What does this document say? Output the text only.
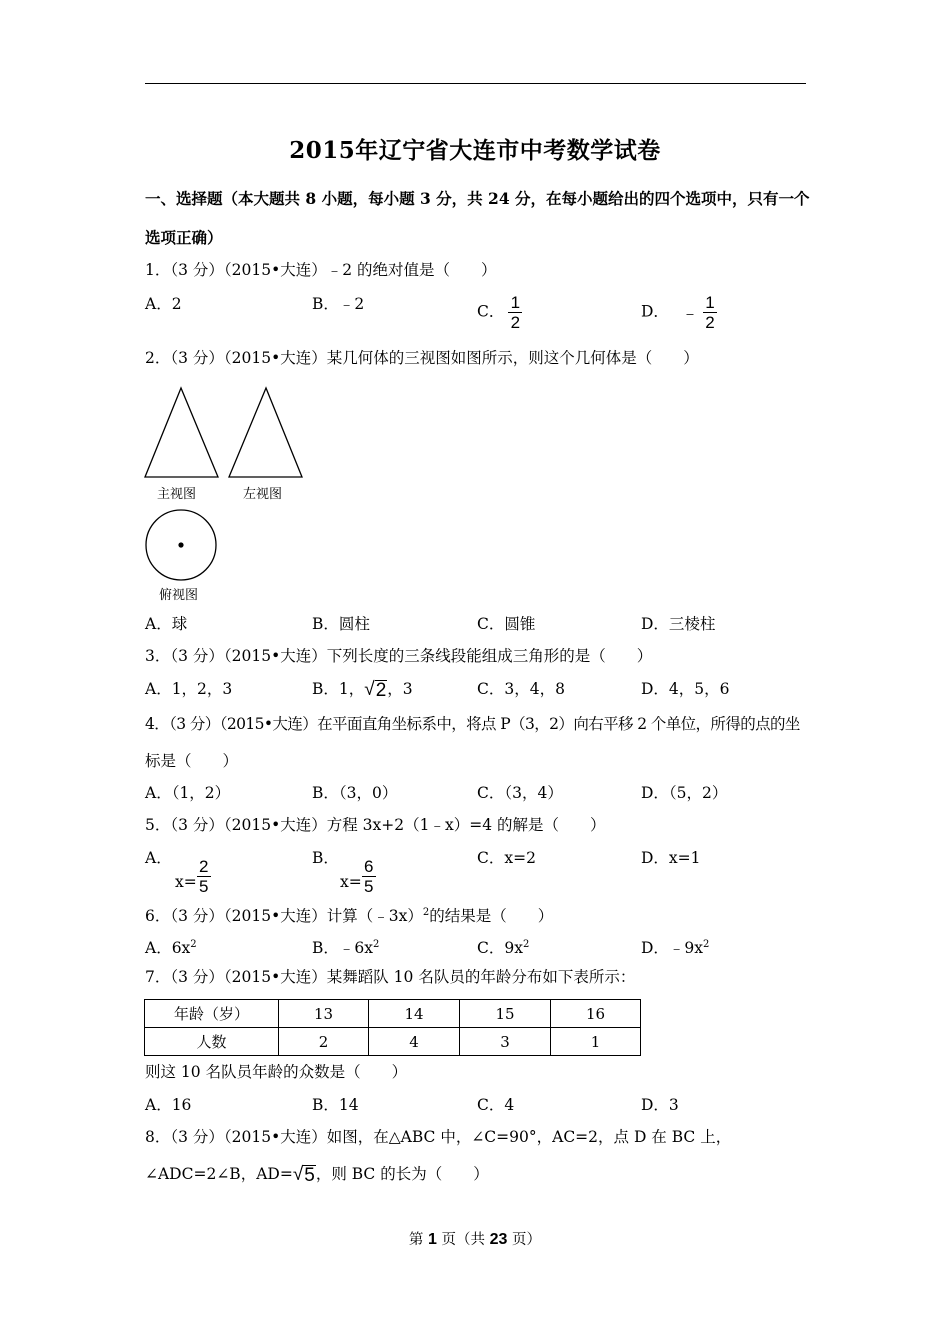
2015年辽宁省大连市中考数学试卷
一、选择题（本大题共 8 小题，每小题 3 分，共 24 分，在每小题给出的四个选项中，只有一个
选项正确）
1．（3 分）（2015•大连）﹣2 的绝对值是（　　）
A．2	B．﹣2	C． $\frac{1}{2}$	D． ﹣ $\frac{1}{2}$
2．（3 分）（2015•大连）某几何体的三视图如图所示，则这个几何体是（　　）
主视图	左视图
俯视图
A．球	B．圆柱	C．圆锥	D．三棱柱
3．（3 分）（2015•大连）下列长度的三条线段能组成三角形的是（　　）
A．1，2，3	B．1， √ 2 ，3	C．3，4，8	D．4，5，6
4．（3 分）（2015•大连）在平面直角坐标系中，将点 P（3，2）向右平移 2 个单位，所得的点的坐
标是（　　）
A．（1，2）	B．（3，0）	C．（3，4）	D．（5，2）
5．（3 分）（2015•大连）方程 3x+2（1﹣x）=4 的解是（　　）
A．
$x= \frac{2}{5}$	B．
$x= \frac{6}{5}$	C．x=2	D．x=1
6．（3 分）（2015•大连）计算（﹣3x）$^2$的结果是（　　）
A．$6x^2$	B．$﹣6x^2$	C．$9x^2$	D．$﹣9x^2$
7．（3 分）（2015•大连）某舞蹈队 10 名队员的年龄分布如下表所示：
年龄（岁）	13	14	15	16
人数	2	4	3	1
则这 10 名队员年龄的众数是（　　）
A．16	B．14	C．4	D．3
8．（3 分）（2015•大连）如图，在△ABC 中，∠C=90°，AC=2，点 D 在 BC 上，
∠ADC=2∠B，AD= √ 5 ，则 BC 的长为（　　）
第 1 页（共 23 页）
